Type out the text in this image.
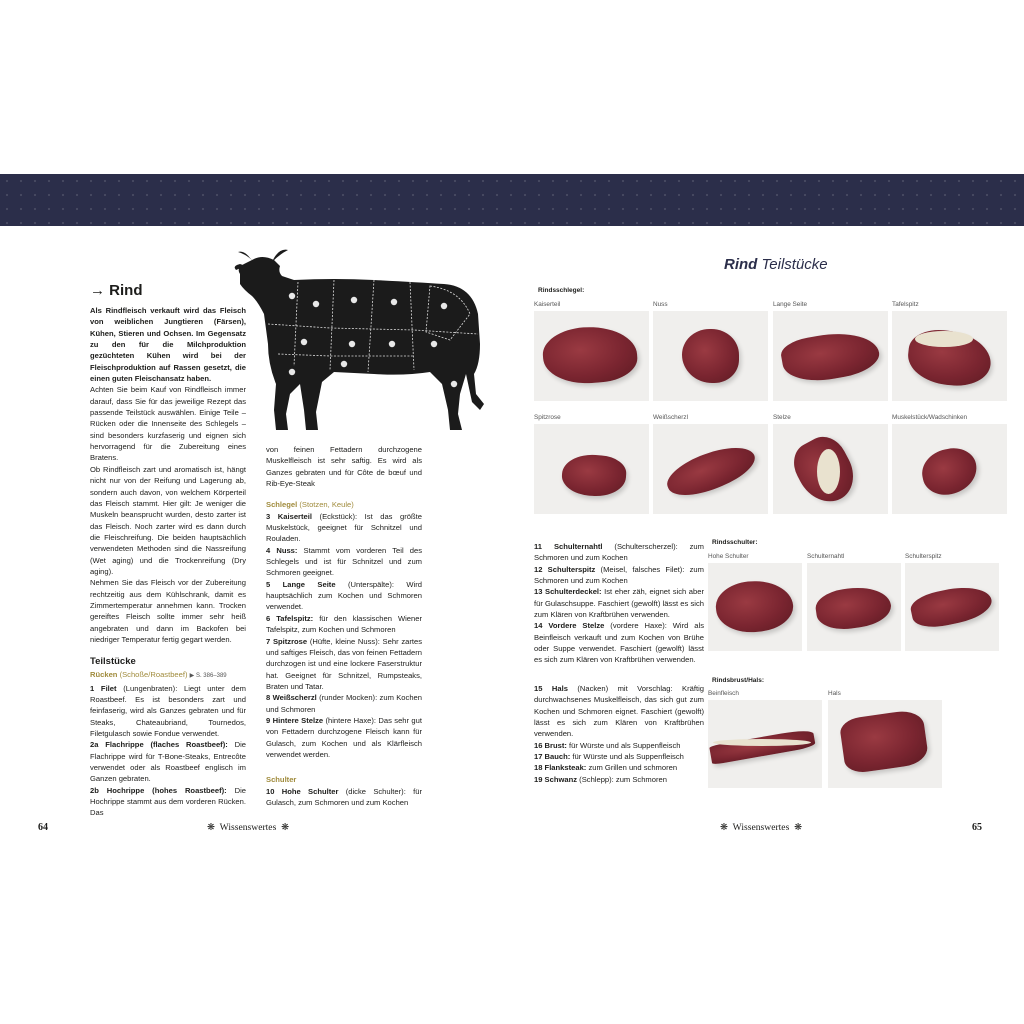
→ Rind

Als Rindfleisch verkauft wird das Fleisch von weiblichen Jungtieren (Färsen), Kühen, Stieren und Ochsen. Im Gegensatz zu den für die Milchproduktion gezüchteten Kühen wird bei der Fleischproduktion auf Rassen gesetzt, die einen guten Fleischansatz haben.

Achten Sie beim Kauf von Rindfleisch immer darauf, dass Sie für das jeweilige Rezept das passende Teilstück auswählen. Einige Teile – Rücken oder die Innenseite des Schlegels – sind besonders kurzfaserig und eignen sich hervorragend für die Zubereitung eines Bratens.

Ob Rindfleisch zart und aromatisch ist, hängt nicht nur von der Reifung und Lagerung ab, sondern auch davon, von welchem Körperteil das Fleisch stammt. Hier gilt: Je weniger die Muskeln beansprucht wurden, desto zarter ist das Fleisch. Noch zarter wird es dann durch die Fleischreifung. Die beiden hauptsächlich verwendeten Methoden sind die Nassreifung (Wet aging) und die Trockenreifung (Dry aging).

Nehmen Sie das Fleisch vor der Zubereitung rechtzeitig aus dem Kühlschrank, damit es Zimmertemperatur annehmen kann. Trocken gereiftes Fleisch sollte immer sehr heiß angebraten und dann im Backofen bei niedriger Temperatur fertig gegart werden.

Teilstücke

Rücken (Schoße/Roastbeef) ▶ S. 386–389

1 Filet (Lungenbraten): Liegt unter dem Roastbeef. Es ist besonders zart und feinfaserig, wird als Ganzes gebraten und für Steaks, Chateaubriand, Tournedos, Filetgulasch sowie Fondue verwendet.

2a Flachrippe (flaches Roastbeef): Die Flachrippe wird für T-Bone-Steaks, Entrecôte verwendet oder als Roastbeef englisch im Ganzen gebraten.

2b Hochrippe (hohes Roastbeef): Die Hochrippe stammt aus dem vorderen Rücken. Das

von feinen Fettadern durchzogene Muskelfleisch ist sehr saftig. Es wird als Ganzes gebraten und für Côte de bœuf und Rib-Eye-Steak

Schlegel (Stotzen, Keule)

3 Kaiserteil (Eckstück): Ist das größte Muskelstück, geeignet für Schnitzel und Rouladen.

4 Nuss: Stammt vom vorderen Teil des Schlegels und ist für Schnitzel und zum Schmoren geeignet.

5 Lange Seite (Unterspälte): Wird hauptsächlich zum Kochen und Schmoren verwendet.

6 Tafelspitz: für den klassischen Wiener Tafelspitz, zum Kochen und Schmoren

7 Spitzrose (Hüfte, kleine Nuss): Sehr zartes und saftiges Fleisch, das von feinen Fettadern durchzogen ist und eine lockere Faserstruktur hat. Geeignet für Schnitzel, Rumpsteaks, Braten und Tatar.

8 Weißscherzl (runder Mocken): zum Kochen und Schmoren

9 Hintere Stelze (hintere Haxe): Das sehr gut von Fettadern durchzogene Fleisch kann für Gulasch, zum Kochen und als Klärfleisch verwendet werden.

Schulter

10 Hohe Schulter (dicke Schulter): für Gulasch, zum Schmoren und zum Kochen

❋ Wissenswertes ❋
64
Rind Teilstücke
Rindsschlegel:

11 Schulternahtl (Schulterscherzel): zum Schmoren und zum Kochen

12 Schulterspitz (Meisel, falsches Filet): zum Schmoren und zum Kochen

13 Schulterdeckel: Ist eher zäh, eignet sich aber für Gulaschsuppe. Faschiert (gewolft) lässt es sich zum Klären von Kraftbrühen verwenden.

14 Vordere Stelze (vordere Haxe): Wird als Beinfleisch verkauft und zum Kochen von Brühe oder Suppe verwendet. Faschiert (gewolft) lässt es sich zum Klären von Kraftbrühen verwenden.

15 Hals (Nacken) mit Vorschlag: Kräftig durchwachsenes Muskelfleisch, das sich gut zum Kochen und Schmoren eignet. Faschiert (gewolft) lässt es sich zum Klären von Kraftbrühen verwenden.

16 Brust: für Würste und als Suppenfleisch

17 Bauch: für Würste und als Suppenfleisch

18 Flanksteak: zum Grillen und schmoren

19 Schwanz (Schlepp): zum Schmoren

Rindsschulter:
Rindsbrust/Hals:
❋ Wissenswertes ❋	65
Kaiserteil	Nuss	Lange Seite	Tafelspitz
Spitzrose	Weißscherzl	Stelze	Muskelstück/Wadschinken
Hohe Schulter	Schulternahtl	Schulterspitz
Beinfleisch	Hals
